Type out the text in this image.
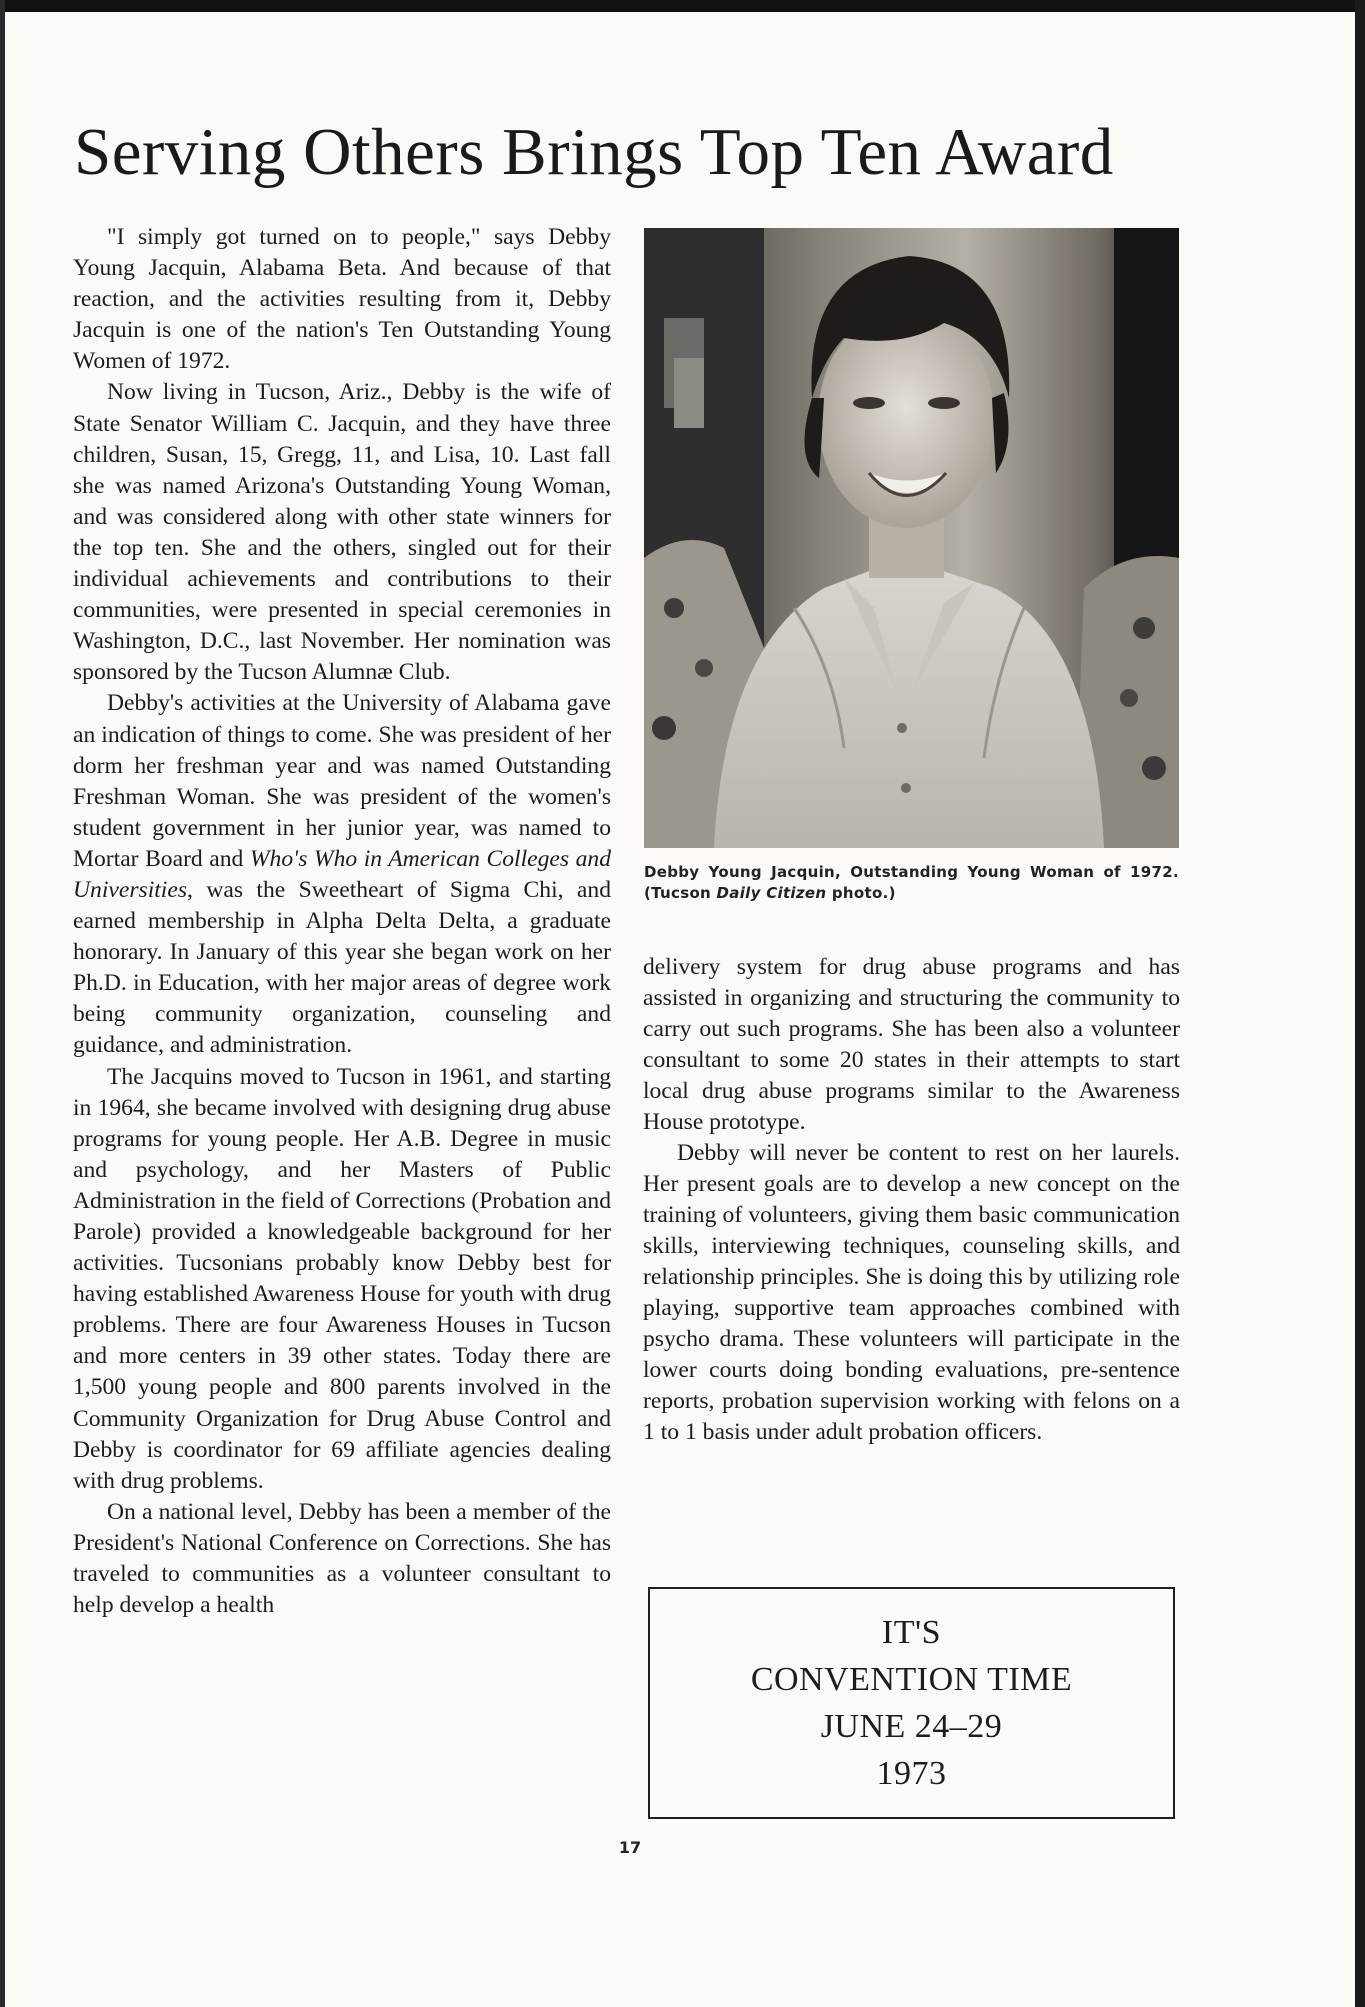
Serving Others Brings Top Ten Award

"I simply got turned on to people," says Debby Young Jacquin, Alabama Beta. And because of that reaction, and the activities resulting from it, Debby Jacquin is one of the nation's Ten Outstanding Young Women of 1972.

Now living in Tucson, Ariz., Debby is the wife of State Senator William C. Jacquin, and they have three children, Susan, 15, Gregg, 11, and Lisa, 10. Last fall she was named Arizona's Outstanding Young Woman, and was considered along with other state winners for the top ten. She and the others, singled out for their individual achievements and contributions to their communities, were presented in special ceremonies in Washington, D.C., last November. Her nomination was sponsored by the Tucson Alumnæ Club.

Debby's activities at the University of Alabama gave an indication of things to come. She was president of her dorm her freshman year and was named Outstanding Freshman Woman. She was president of the women's student government in her junior year, was named to Mortar Board and Who's Who in American Colleges and Universities, was the Sweetheart of Sigma Chi, and earned membership in Alpha Delta Delta, a graduate honorary. In January of this year she began work on her Ph.D. in Education, with her major areas of degree work being community organization, counseling and guidance, and administration.

The Jacquins moved to Tucson in 1961, and starting in 1964, she became involved with designing drug abuse programs for young people. Her A.B. Degree in music and psychology, and her Masters of Public Administration in the field of Corrections (Probation and Parole) provided a knowledgeable background for her activities. Tucsonians probably know Debby best for having established Awareness House for youth with drug problems. There are four Awareness Houses in Tucson and more centers in 39 other states. Today there are 1,500 young people and 800 parents involved in the Community Organization for Drug Abuse Control and Debby is coordinator for 69 affiliate agencies dealing with drug problems.

On a national level, Debby has been a member of the President's National Conference on Corrections. She has traveled to communities as a volunteer consultant to help develop a health

Debby Young Jacquin, Outstanding Young Woman of 1972. (Tucson Daily Citizen photo.)

delivery system for drug abuse programs and has assisted in organizing and structuring the community to carry out such programs. She has been also a volunteer consultant to some 20 states in their attempts to start local drug abuse programs similar to the Awareness House prototype.

Debby will never be content to rest on her laurels. Her present goals are to develop a new concept on the training of volunteers, giving them basic communication skills, interviewing techniques, counseling skills, and relationship principles. She is doing this by utilizing role playing, supportive team approaches combined with psycho drama. These volunteers will participate in the lower courts doing bonding evaluations, pre-sentence reports, probation supervision working with felons on a 1 to 1 basis under adult probation officers.

IT'S
CONVENTION TIME
JUNE 24–29
1973
17
